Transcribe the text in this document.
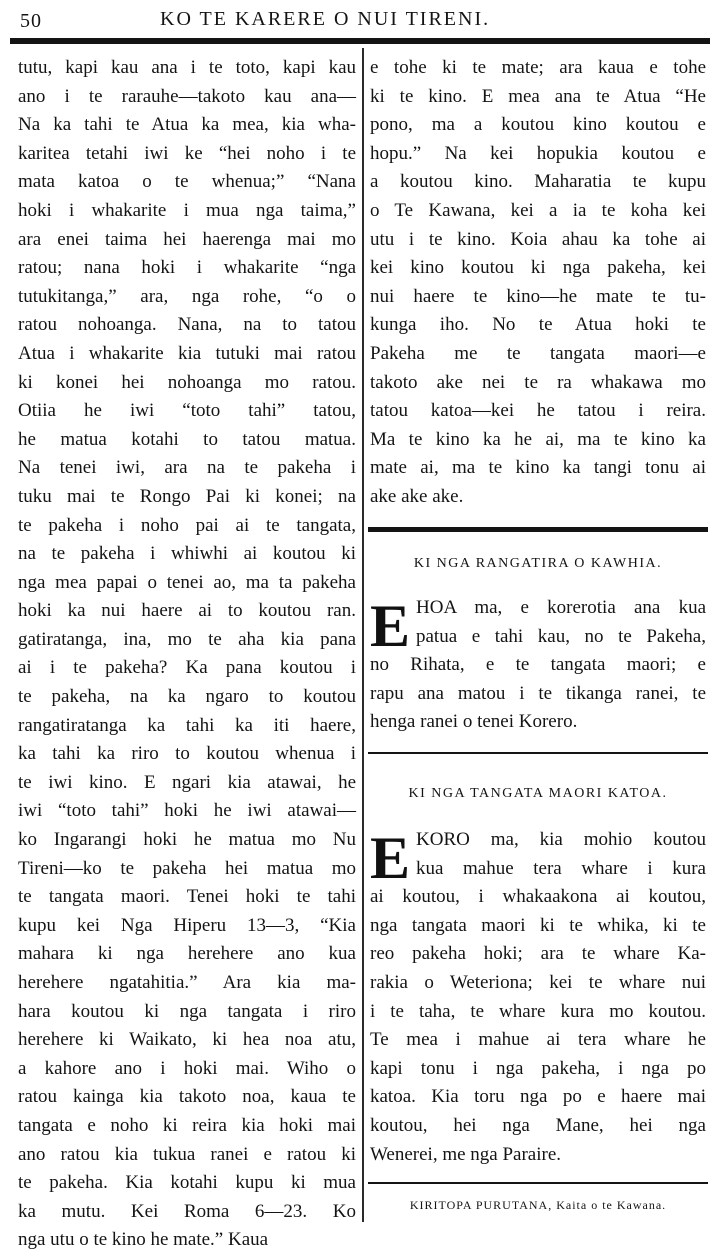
50	KO TE KARERE O NUI TIRENI.
tutu, kapi kau ana i te toto, kapi kau
ano i te rarauhe—takoto kau ana—
Na ka tahi te Atua ka mea, kia wha-
karitea tetahi iwi ke “hei noho i te
mata katoa o te whenua;” “Nana
hoki i whakarite i mua nga taima,”
ara enei taima hei haerenga mai mo
ratou; nana hoki i whakarite “nga
tutukitanga,” ara, nga rohe, “o o
ratou nohoanga. Nana, na to tatou
Atua i whakarite kia tutuki mai ratou
ki konei hei nohoanga mo ratou.
Otiia he iwi “toto tahi” tatou,
he matua kotahi to tatou matua.
Na tenei iwi, ara na te pakeha i
tuku mai te Rongo Pai ki konei; na
te pakeha i noho pai ai te tangata,
na te pakeha i whiwhi ai koutou ki
nga mea papai o tenei ao, ma ta pakeha
hoki ka nui haere ai to koutou ran.
gatiratanga, ina, mo te aha kia pana
ai i te pakeha? Ka pana koutou i
te pakeha, na ka ngaro to koutou
rangatiratanga ka tahi ka iti haere,
ka tahi ka riro to koutou whenua i
te iwi kino. E ngari kia atawai, he
iwi “toto tahi” hoki he iwi atawai—
ko Ingarangi hoki he matua mo Nu
Tireni—ko te pakeha hei matua mo
te tangata maori. Tenei hoki te tahi
kupu kei Nga Hiperu 13—3, “Kia
mahara ki nga herehere ano kua
herehere ngatahitia.” Ara kia ma-
hara koutou ki nga tangata i riro
herehere ki Waikato, ki hea noa atu,
a kahore ano i hoki mai. Wiho o
ratou kainga kia takoto noa, kaua te
tangata e noho ki reira kia hoki mai
ano ratou kia tukua ranei e ratou ki
te pakeha. Kia kotahi kupu ki mua
ka mutu. Kei Roma 6—23. Ko
nga utu o te kino he mate.” Kaua
e tohe ki te mate; ara kaua e tohe
ki te kino. E mea ana te Atua “He
pono, ma a koutou kino koutou e
hopu.” Na kei hopukia koutou e
a koutou kino. Maharatia te kupu
o Te Kawana, kei a ia te koha kei
utu i te kino. Koia ahau ka tohe ai
kei kino koutou ki nga pakeha, kei
nui haere te kino—he mate te tu-
kunga iho. No te Atua hoki te
Pakeha me te tangata maori—e
takoto ake nei te ra whakawa mo
tatou katoa—kei he tatou i reira.
Ma te kino ka he ai, ma te kino ka
mate ai, ma te kino ka tangi tonu ai
ake ake ake.
KI NGA RANGATIRA O KAWHIA.
E HOA ma, e korerotia ana kua
patua e tahi kau, no te Pakeha,
no Rihata, e te tangata maori; e
rapu ana matou i te tikanga ranei, te
henga ranei o tenei Korero.
KI NGA TANGATA MAORI KATOA.
E KORO ma, kia mohio koutou
kua mahue tera whare i kura
ai koutou, i whakaakona ai koutou,
nga tangata maori ki te whika, ki te
reo pakeha hoki; ara te whare Ka-
rakia o Weteriona; kei te whare nui
i te taha, te whare kura mo koutou.
Te mea i mahue ai tera whare he
kapi tonu i nga pakeha, i nga po
katoa. Kia toru nga po e haere mai
koutou, hei nga Mane, hei nga
Wenerei, me nga Paraire.
KIRITOPA PURUTANA, Kaita o te Kawana.
